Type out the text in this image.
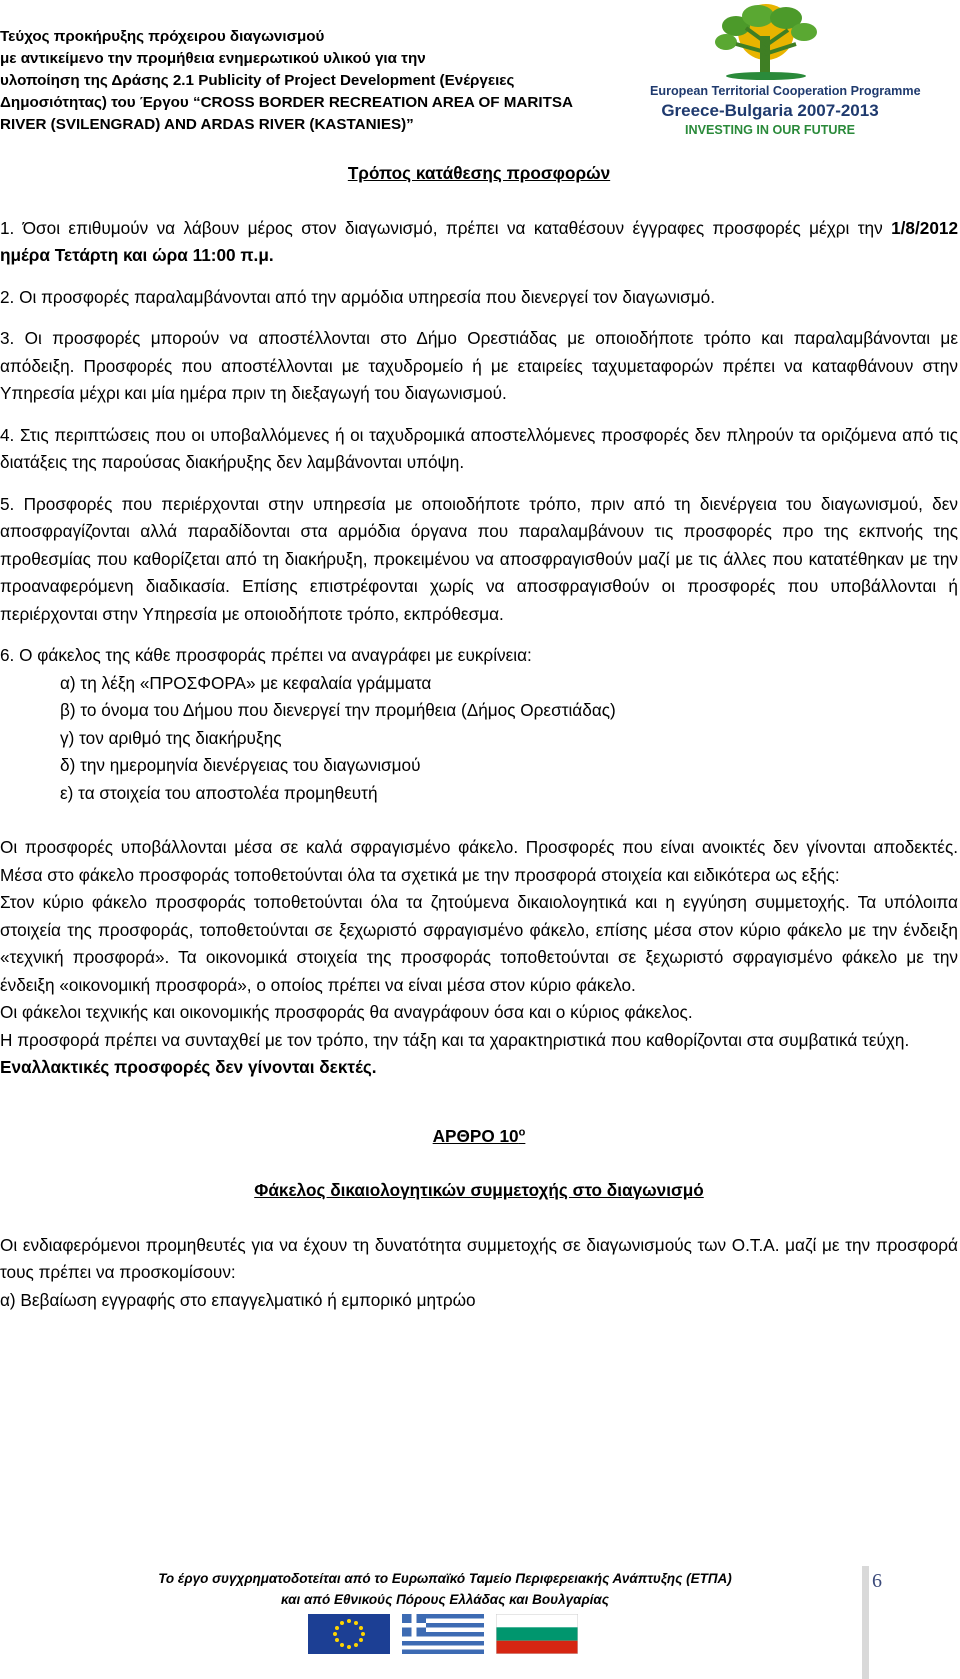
Τεύχος προκήρυξης πρόχειρου διαγωνισμού
με αντικείμενο την προμήθεια ενημερωτικού υλικού για την
υλοποίηση της Δράσης 2.1 Publicity of Project Development (Ενέργειες
Δημοσιότητας) του Έργου “CROSS BORDER RECREATION AREA OF MARITSA
RIVER (SVILENGRAD) AND ARDAS RIVER (KASTANIES)”
European Territorial Cooperation Programme
Greece-Bulgaria 2007-2013
INVESTING IN OUR FUTURE

Τρόπος κατάθεσης προσφορών

1. Όσοι επιθυμούν να λάβουν μέρος στον διαγωνισμό, πρέπει να καταθέσουν έγγραφες προσφορές μέχρι την 1/8/2012 ημέρα Τετάρτη και ώρα 11:00 π.μ.

2. Οι προσφορές παραλαμβάνονται από την αρμόδια υπηρεσία που διενεργεί τον διαγωνισμό.

3. Οι προσφορές μπορούν να αποστέλλονται στο Δήμο Ορεστιάδας με οποιοδήποτε τρόπο και παραλαμβάνονται με απόδειξη. Προσφορές που αποστέλλονται με ταχυδρομείο ή με εταιρείες ταχυμεταφορών πρέπει να καταφθάνουν στην Υπηρεσία μέχρι και μία ημέρα πριν τη διεξαγωγή του διαγωνισμού.

4. Στις περιπτώσεις που οι υποβαλλόμενες ή οι ταχυδρομικά αποστελλόμενες προσφορές δεν πληρούν τα οριζόμενα από τις διατάξεις της παρούσας διακήρυξης δεν λαμβάνονται υπόψη.

5. Προσφορές που περιέρχονται στην υπηρεσία με οποιοδήποτε τρόπο, πριν από τη διενέργεια του διαγωνισμού, δεν αποσφραγίζονται αλλά παραδίδονται στα αρμόδια όργανα που παραλαμβάνουν τις προσφορές προ της εκπνοής της προθεσμίας που καθορίζεται από τη διακήρυξη, προκειμένου να αποσφραγισθούν μαζί με τις άλλες που κατατέθηκαν με την προαναφερόμενη διαδικασία. Επίσης επιστρέφονται χωρίς να αποσφραγισθούν οι προσφορές που υποβάλλονται ή περιέρχονται στην Υπηρεσία με οποιοδήποτε τρόπο, εκπρόθεσμα.

6. Ο φάκελος της κάθε προσφοράς πρέπει να αναγράφει με ευκρίνεια:

α) τη λέξη «ΠΡΟΣΦΟΡΑ» με κεφαλαία γράμματα

β) το όνομα του Δήμου που διενεργεί την προμήθεια (Δήμος Ορεστιάδας)

γ) τον αριθμό της διακήρυξης

δ) την ημερομηνία διενέργειας του διαγωνισμού

ε) τα στοιχεία του αποστολέα προμηθευτή

Οι προσφορές υποβάλλονται μέσα σε καλά σφραγισμένο φάκελο. Προσφορές που είναι ανοικτές δεν γίνονται αποδεκτές. Μέσα στο φάκελο προσφοράς τοποθετούνται όλα τα σχετικά με την προσφορά στοιχεία και ειδικότερα ως εξής:

Στον κύριο φάκελο προσφοράς τοποθετούνται όλα τα ζητούμενα δικαιολογητικά και η εγγύηση συμμετοχής. Τα υπόλοιπα στοιχεία της προσφοράς, τοποθετούνται σε ξεχωριστό σφραγισμένο φάκελο, επίσης μέσα στον κύριο φάκελο με την ένδειξη «τεχνική προσφορά». Τα οικονομικά στοιχεία της προσφοράς τοποθετούνται σε ξεχωριστό σφραγισμένο φάκελο με την ένδειξη «οικονομική προσφορά», ο οποίος πρέπει να είναι μέσα στον κύριο φάκελο.

Οι φάκελοι τεχνικής και οικονομικής προσφοράς θα αναγράφουν όσα και ο κύριος φάκελος.

Η προσφορά πρέπει να συνταχθεί με τον τρόπο, την τάξη και τα χαρακτηριστικά που καθορίζονται στα συμβατικά τεύχη.

Εναλλακτικές προσφορές δεν γίνονται δεκτές.

ΑΡΘΡΟ $10^o$

Φάκελος δικαιολογητικών συμμετοχής στο διαγωνισμό

Οι ενδιαφερόμενοι προμηθευτές για να έχουν τη δυνατότητα συμμετοχής σε διαγωνισμούς των Ο.Τ.Α. μαζί με την προσφορά τους πρέπει να προσκομίσουν:

α) Βεβαίωση εγγραφής στο επαγγελματικό ή εμπορικό μητρώο

Το έργο συγχρηματοδοτείται από το Ευρωπαϊκό Ταμείο Περιφερειακής Ανάπτυξης (ΕΤΠΑ)
και από Εθνικούς Πόρους Ελλάδας και Βουλγαρίας
6
